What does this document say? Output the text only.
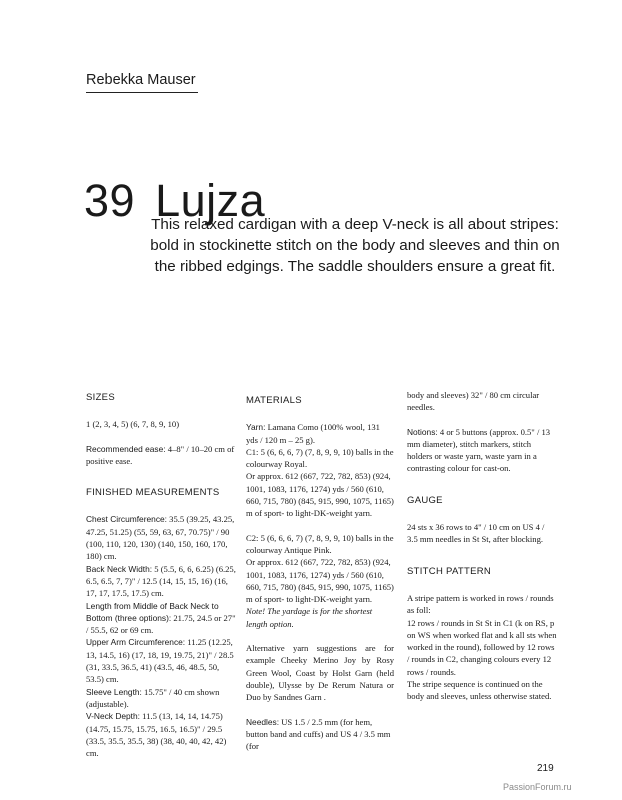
Rebekka Mauser
39 Lujza
This relaxed cardigan with a deep V-neck is all about stripes: bold in stockinette stitch on the body and sleeves and thin on the ribbed edgings. The saddle shoulders ensure a great fit.
SIZES

1 (2, 3, 4, 5) (6, 7, 8, 9, 10)

Recommended ease: 4–8" / 10–20 cm of positive ease.

FINISHED MEASUREMENTS

Chest Circumference: 35.5 (39.25, 43.25, 47.25, 51.25) (55, 59, 63, 67, 70.75)" / 90 (100, 110, 120, 130) (140, 150, 160, 170, 180) cm.

Back Neck Width: 5 (5.5, 6, 6, 6.25) (6.25, 6.5, 6.5, 7, 7)" / 12.5 (14, 15, 15, 16) (16, 17, 17, 17.5, 17.5) cm.

Length from Middle of Back Neck to Bottom (three options): 21.75, 24.5 or 27" / 55.5, 62 or 69 cm.

Upper Arm Circumference: 11.25 (12.25, 13, 14.5, 16) (17, 18, 19, 19.75, 21)" / 28.5 (31, 33.5, 36.5, 41) (43.5, 46, 48.5, 50, 53.5) cm.

Sleeve Length: 15.75" / 40 cm shown (adjustable).

V-Neck Depth: 11.5 (13, 14, 14, 14.75) (14.75, 15.75, 15.75, 16.5, 16.5)" / 29.5 (33.5, 35.5, 35.5, 38) (38, 40, 40, 42, 42) cm.

MATERIALS

Yarn: Lamana Como (100% wool, 131 yds / 120 m – 25 g).

C1: 5 (6, 6, 6, 7) (7, 8, 9, 9, 10) balls in the colourway Royal.

Or approx. 612 (667, 722, 782, 853) (924, 1001, 1083, 1176, 1274) yds / 560 (610, 660, 715, 780) (845, 915, 990, 1075, 1165) m of sport- to light-DK-weight yarn.

C2: 5 (6, 6, 6, 7) (7, 8, 9, 9, 10) balls in the colourway Antique Pink.

Or approx. 612 (667, 722, 782, 853) (924, 1001, 1083, 1176, 1274) yds / 560 (610, 660, 715, 780) (845, 915, 990, 1075, 1165) m of sport- to light-DK-weight yarn.

Note! The yardage is for the shortest length option.

Alternative yarn suggestions are for example Cheeky Merino Joy by Rosy Green Wool, Coast by Holst Garn (held double), Ulysse by De Rerum Natura or Duo by Sandnes Garn .

Needles: US 1.5 / 2.5 mm (for hem, button band and cuffs) and US 4 / 3.5 mm (for

body and sleeves) 32" / 80 cm circular needles.

Notions: 4 or 5 buttons (approx. 0.5" / 13 mm diameter), stitch markers, stitch holders or waste yarn, waste yarn in a contrasting colour for cast-on.

GAUGE

24 sts x 36 rows to 4" / 10 cm on US 4 / 3.5 mm needles in St St, after blocking.

STITCH PATTERN

A stripe pattern is worked in rows / rounds as foll:

12 rows / rounds in St St in C1 (k on RS, p on WS when worked flat and k all sts when worked in the round), followed by 12 rows / rounds in C2, changing colours every 12 rows / rounds.

The stripe sequence is continued on the body and sleeves, unless otherwise stated.

219
PassionForum.ru
